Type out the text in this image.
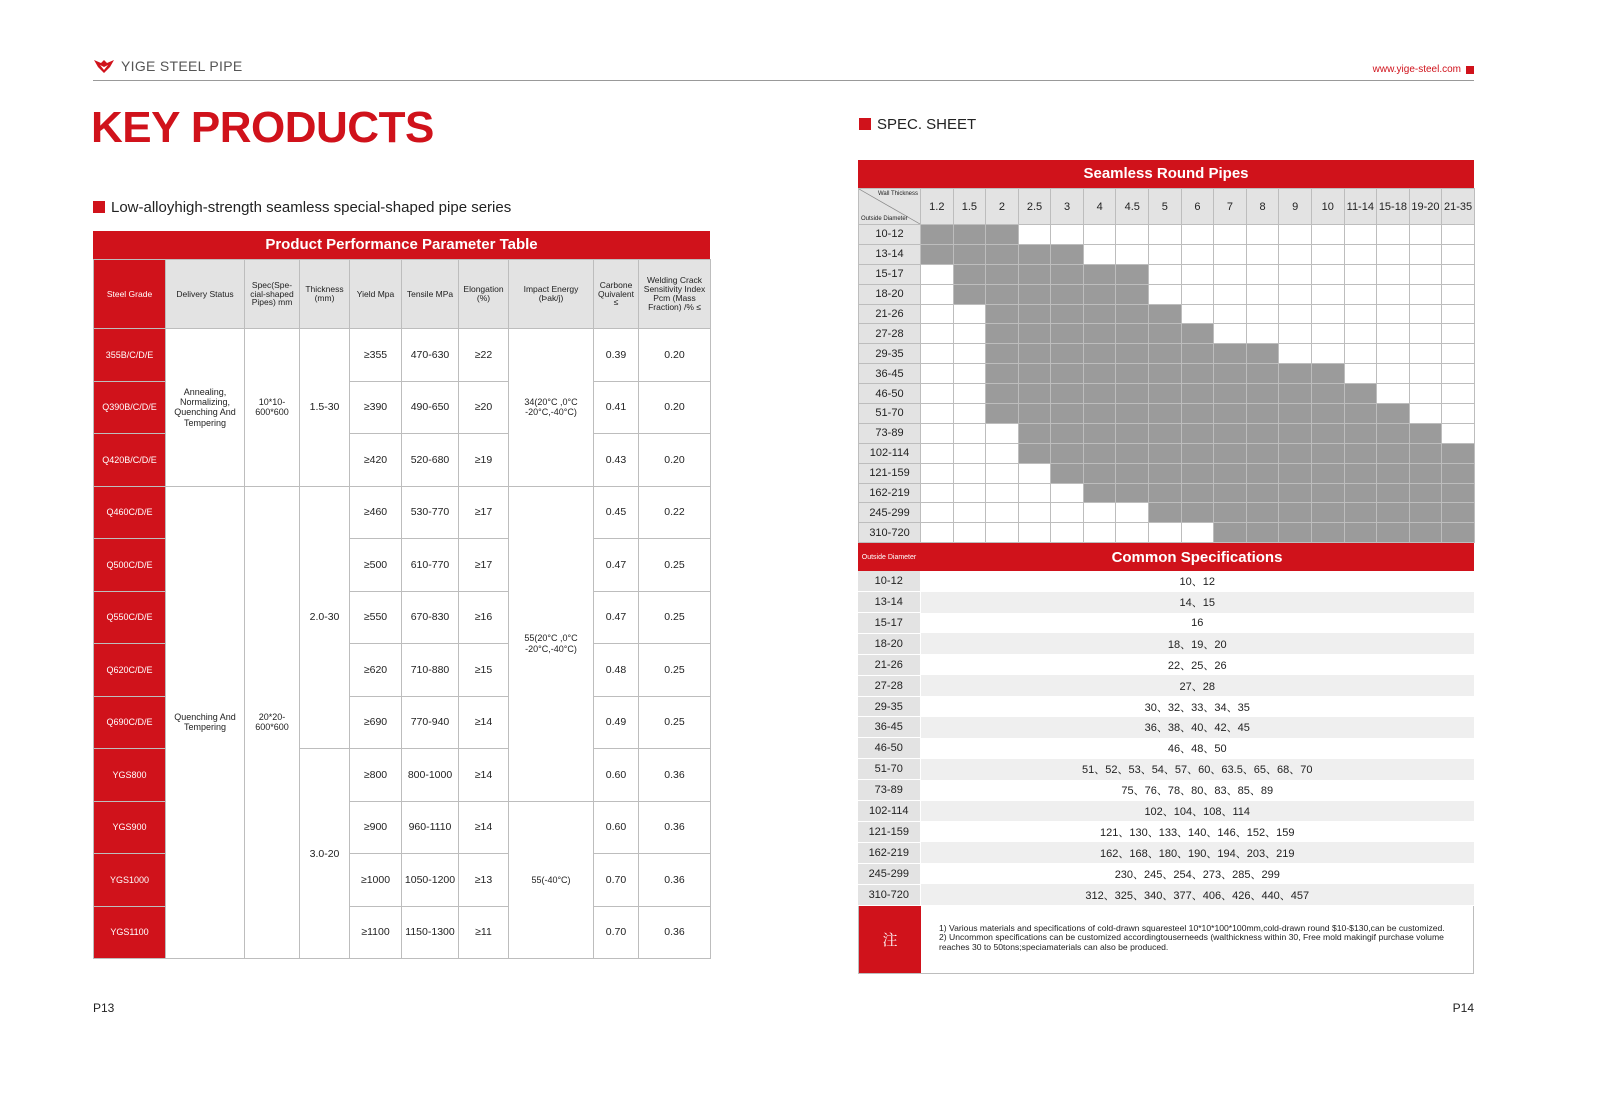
YIGE STEEL PIPE	www.yige-steel.com
KEY PRODUCTS
Low-alloyhigh-strength seamless special-shaped pipe series
SPEC. SHEET
Product Performance Parameter Table
Steel Grade	Delivery Status	Spec(Spe-cial-shaped Pipes) mm	Thickness (mm)	Yield Mpa	Tensile MPa	Elongation (%)	Impact Energy (Þak/j)	Carbone Quivalent ≤	Welding Crack Sensitivity Index Pcm (Mass Fraction) /% ≤
355B/C/D/E	Annealing, Normalizing, Quenching And Tempering	10*10-600*600	1.5-30	≥355	470-630	≥22	34(20°C ,0°C -20°C,-40°C)	0.39	0.20
Q390B/C/D/E				≥390	490-650	≥20		0.41	0.20
Q420B/C/D/E				≥420	520-680	≥19		0.43	0.20
Q460C/D/E	Quenching And Tempering	20*20-600*600	2.0-30	≥460	530-770	≥17	55(20°C ,0°C -20°C,-40°C)	0.45	0.22
Q500C/D/E				≥500	610-770	≥17		0.47	0.25
Q550C/D/E				≥550	670-830	≥16		0.47	0.25
Q620C/D/E				≥620	710-880	≥15		0.48	0.25
Q690C/D/E				≥690	770-940	≥14		0.49	0.25
YGS800			3.0-20	≥800	800-1000	≥14		0.60	0.36
YGS900				≥900	960-1110	≥14	55(-40°C)	0.60	0.36
YGS1000				≥1000	1050-1200	≥13		0.70	0.36
YGS1100				≥1100	1150-1300	≥11		0.70	0.36
Seamless Round Pipes
Wall Thickness
Outside Diameter	1.2	1.5	2	2.5	3	4	4.5	5	6	7	8	9	10	11-14	15-18	19-20	21-35
10-12																	
13-14																	
15-17																	
18-20																	
21-26																	
27-28																	
29-35																	
36-45																	
46-50																	
51-70																	
73-89																	
102-114																	
121-159																	
162-219																	
245-299																	
310-720																	
Outside Diameter	Common Specifications
10-12	10、12
13-14	14、15
15-17	16
18-20	18、19、20
21-26	22、25、26
27-28	27、28
29-35	30、32、33、34、35
36-45	36、38、40、42、45
46-50	46、48、50
51-70	51、52、53、54、57、60、63.5、65、68、70
73-89	75、76、78、80、83、85、89
102-114	102、104、108、114
121-159	121、130、133、140、146、152、159
162-219	162、168、180、190、194、203、219
245-299	230、245、254、273、285、299
310-720	312、325、340、377、406、426、440、457
注
1) Various materials and specifications of cold-drawn squaresteel 10*10*100*100mm,cold-drawn round $10-$130,can be customized.
2) Uncommon specifications can be customized accordingtouserneeds (walthickness within 30, Free mold makingif purchase volume reaches 30 to 50tons;speciamaterials can also be produced.
P13	P14
